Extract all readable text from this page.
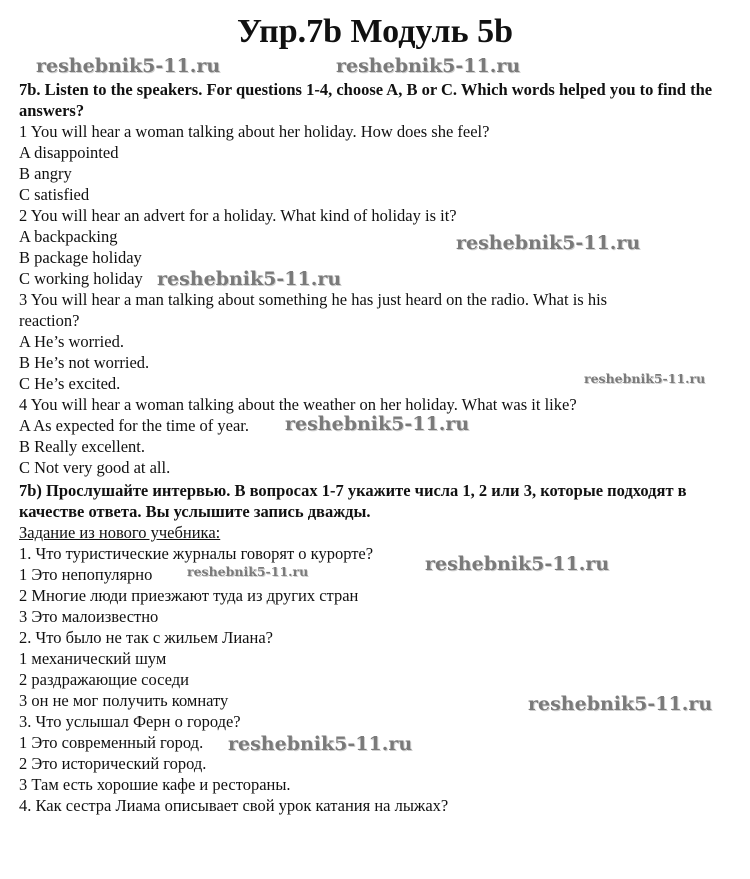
Упр.7b Модуль 5b
7b. Listen to the speakers. For questions 1-4, choose A, B or C. Which words helped you to find the answers?
1 You will hear a woman talking about her holiday. How does she feel?
A disappointed
B angry
C satisfied
2 You will hear an advert for a holiday. What kind of holiday is it?
A backpacking
B package holiday
C working holiday
3 You will hear a man talking about something he has just heard on the radio. What is his
reaction?
A He’s worried.
B He’s not worried.
C He’s excited.
4 You will hear a woman talking about the weather on her holiday. What was it like?
A As expected for the time of year.
B Really excellent.
C Not very good at all.
7b) Прослушайте интервью. В вопросах 1-7 укажите числа 1, 2 или 3, которые подходят в качестве ответа. Вы услышите запись дважды.
Задание из нового учебника:
1. Что туристические журналы говорят о курорте?
1 Это непопулярно
2 Многие люди приезжают туда из других стран
3 Это малоизвестно
2. Что было не так с жильем Лиана?
1 механический шум
2 раздражающие соседи
3 он не мог получить комнату
3. Что услышал Ферн о городе?
1 Это современный город.
2 Это исторический город.
3 Там есть хорошие кафе и рестораны.
4. Как сестра Лиама описывает свой урок катания на лыжах?
reshebnik5-11.ru	reshebnik5-11.ru
reshebnik5-11.ru
reshebnik5-11.ru
reshebnik5-11.ru
reshebnik5-11.ru
reshebnik5-11.ru
reshebnik5-11.ru
reshebnik5-11.ru
reshebnik5-11.ru
